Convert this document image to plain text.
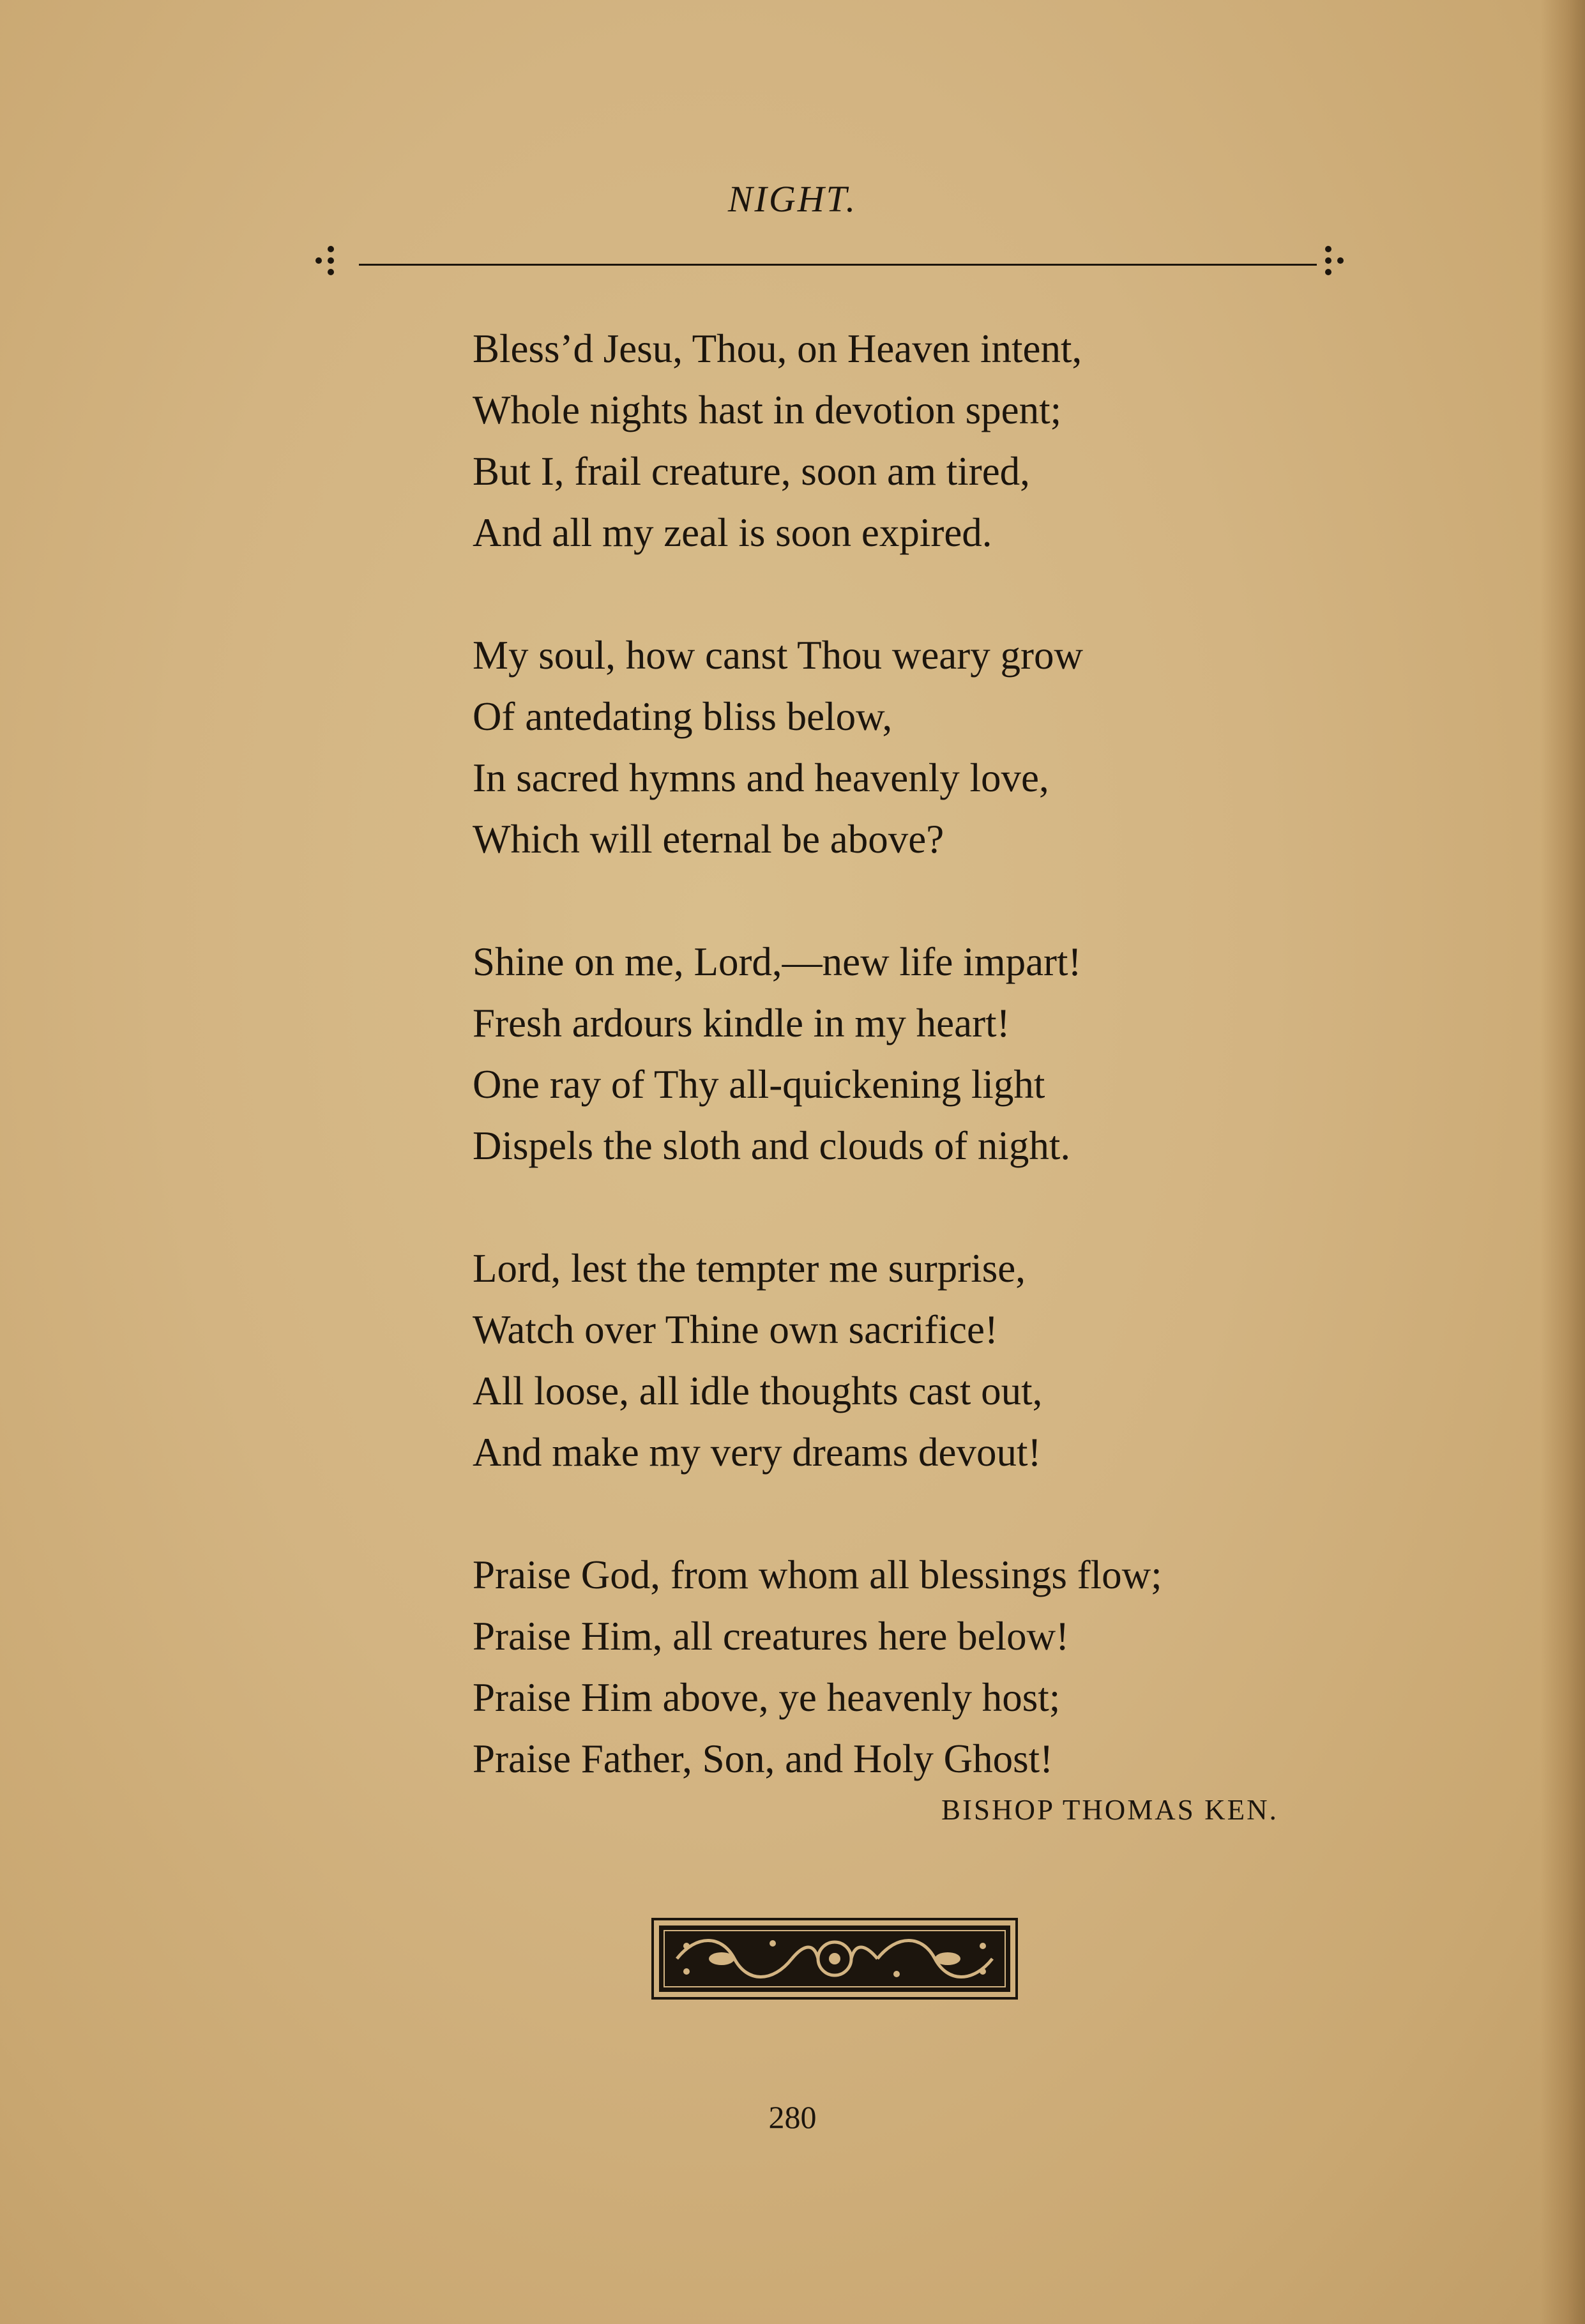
NIGHT.
Bless’d Jesu, Thou, on Heaven intent,
Whole nights hast in devotion spent;
But I, frail creature, soon am tired,
And all my zeal is soon expired.
My soul, how canst Thou weary grow
Of antedating bliss below,
In sacred hymns and heavenly love,
Which will eternal be above?
Shine on me, Lord,—new life impart!
Fresh ardours kindle in my heart!
One ray of Thy all-quickening light
Dispels the sloth and clouds of night.
Lord, lest the tempter me surprise,
Watch over Thine own sacrifice!
All loose, all idle thoughts cast out,
And make my very dreams devout!
Praise God, from whom all blessings flow;
Praise Him, all creatures here below!
Praise Him above, ye heavenly host;
Praise Father, Son, and Holy Ghost!
BISHOP THOMAS KEN.
280
